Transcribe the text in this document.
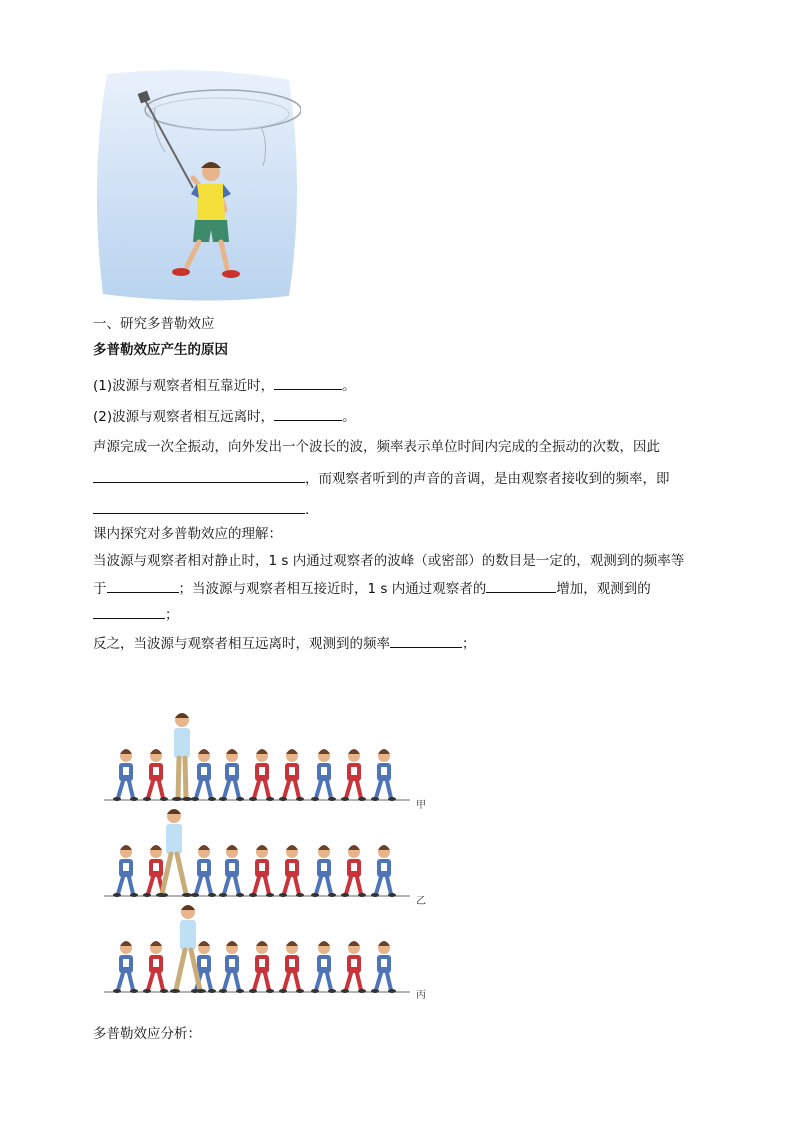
一、研究多普勒效应
多普勒效应产生的原因
(1)波源与观察者相互靠近时，	。
(2)波源与观察者相互远离时，	。
声源完成一次全振动，向外发出一个波长的波，频率表示单位时间内完成的全振动的次数，因此
，而观察者听到的声音的音调，是由观察者接收到的频率，即
.
课内探究对多普勒效应的理解：
当波源与观察者相对静止时，1 s 内通过观察者的波峰（或密部）的数目是一定的，观测到的频率等
于	；当波源与观察者相互接近时，1 s 内通过观察者的	增加，观测到的
；
反之，当波源与观察者相互远离时，观测到的频率	；
甲
乙
丙
多普勒效应分析：
